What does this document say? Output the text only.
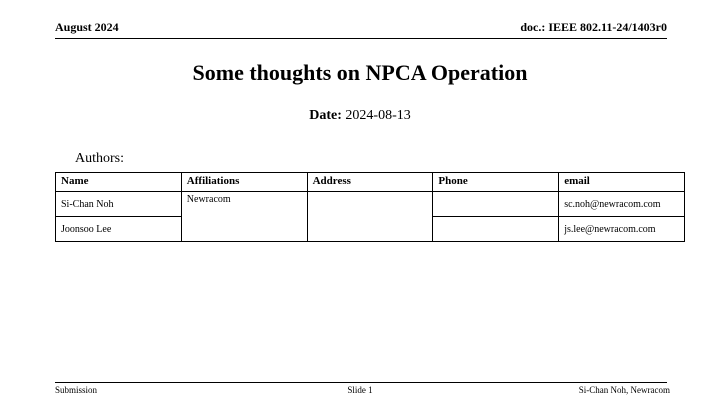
August 2024	doc.: IEEE 802.11-24/1403r0
Some thoughts on NPCA Operation
Date: 2024-08-13
Authors:
Name	Affiliations	Address	Phone	email
Si-Chan Noh	Newracom			sc.noh@newracom.com
Joonsoo Lee				js.lee@newracom.com
Submission	Slide 1	Si-Chan Noh, Newracom
